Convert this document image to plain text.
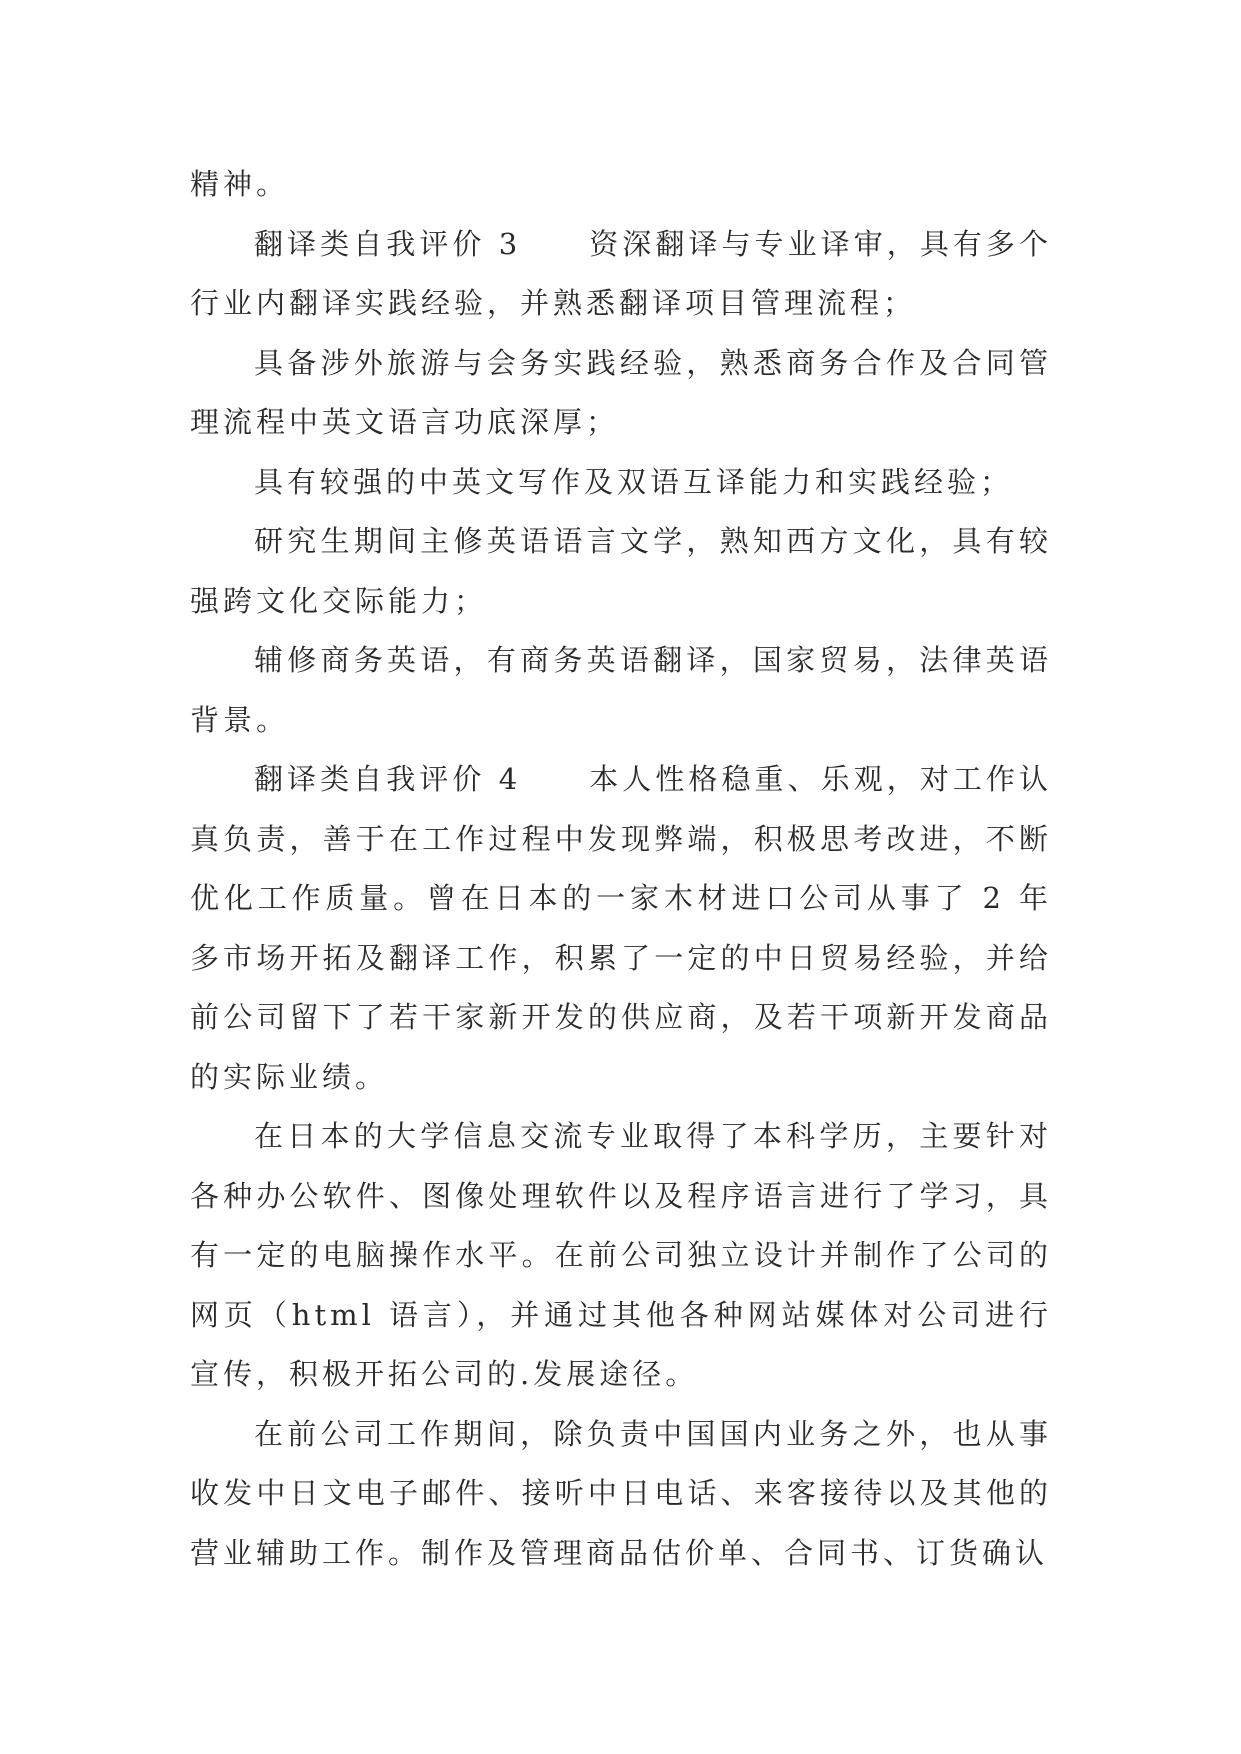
精神。

翻译类自我评价 3 资深翻译与专业译审，具有多个行业内翻译实践经验，并熟悉翻译项目管理流程；

具备涉外旅游与会务实践经验，熟悉商务合作及合同管理流程中英文语言功底深厚；

具有较强的中英文写作及双语互译能力和实践经验；

研究生期间主修英语语言文学，熟知西方文化，具有较强跨文化交际能力；

辅修商务英语，有商务英语翻译，国家贸易，法律英语背景。

翻译类自我评价 4 本人性格稳重、乐观，对工作认真负责，善于在工作过程中发现弊端，积极思考改进，不断优化工作质量。曾在日本的一家木材进口公司从事了 2 年多市场开拓及翻译工作，积累了一定的中日贸易经验，并给前公司留下了若干家新开发的供应商，及若干项新开发商品的实际业绩。

在日本的大学信息交流专业取得了本科学历，主要针对各种办公软件、图像处理软件以及程序语言进行了学习，具有一定的电脑操作水平。在前公司独立设计并制作了公司的网页（html 语言），并通过其他各种网站媒体对公司进行宣传，积极开拓公司的.发展途径。

在前公司工作期间，除负责中国国内业务之外，也从事收发中日文电子邮件、接听中日电话、来客接待以及其他的营业辅助工作。制作及管理商品估价单、合同书、订货确认
